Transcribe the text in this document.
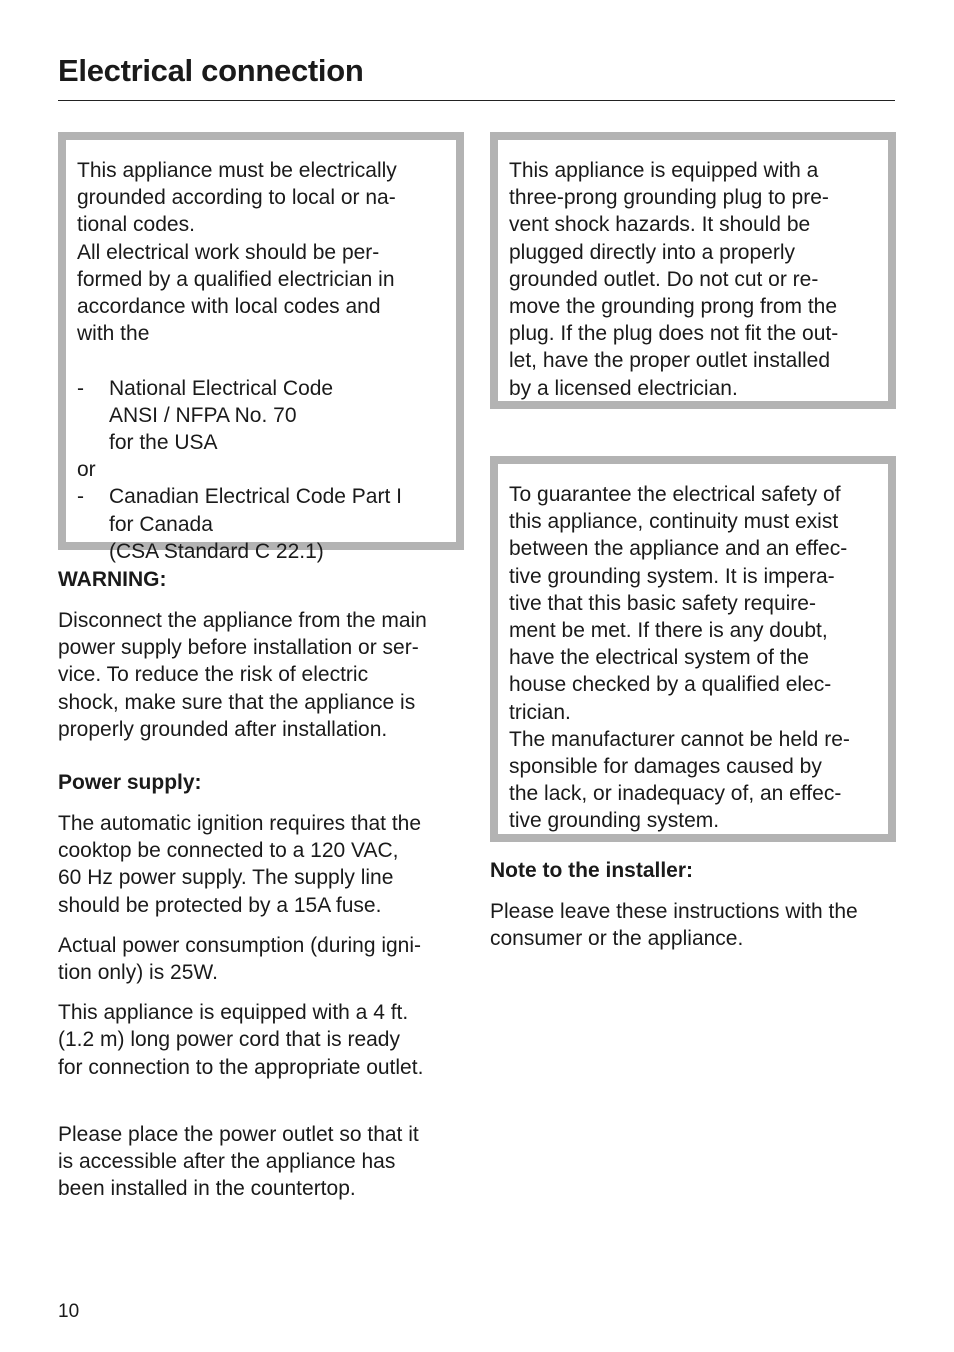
Electrical connection

This appliance must be electrically

grounded according to local or na-

tional codes.

All electrical work should be per-

formed by a qualified electrician in

accordance with local codes and

with the

-	National Electrical Code
ANSI / NFPA No. 70
for the USA

or

-	Canadian Electrical Code Part I
for Canada
(CSA Standard C 22.1)
WARNING:

Disconnect the appliance from the main

power supply before installation or ser-

vice. To reduce the risk of electric

shock, make sure that the appliance is

properly grounded after installation.

Power supply:

The automatic ignition requires that the

cooktop be connected to a 120 VAC,

60 Hz power supply. The supply line

should be protected by a 15A fuse.

Actual power consumption (during igni-

tion only) is 25W.

This appliance is equipped with a 4 ft.

(1.2 m) long power cord that is ready

for connection to the appropriate outlet.

Please place the power outlet so that it

is accessible after the appliance has

been installed in the countertop.

This appliance is equipped with a

three-prong grounding plug to pre-

vent shock hazards. It should be

plugged directly into a properly

grounded outlet. Do not cut or re-

move the grounding prong from the

plug. If the plug does not fit the out-

let, have the proper outlet installed

by a licensed electrician.

To guarantee the electrical safety of

this appliance, continuity must exist

between the appliance and an effec-

tive grounding system. It is impera-

tive that this basic safety require-

ment be met. If there is any doubt,

have the electrical system of the

house checked by a qualified elec-

trician.

The manufacturer cannot be held re-

sponsible for damages caused by

the lack, or inadequacy of, an effec-

tive grounding system.

Note to the installer:

Please leave these instructions with the

consumer or the appliance.

10
